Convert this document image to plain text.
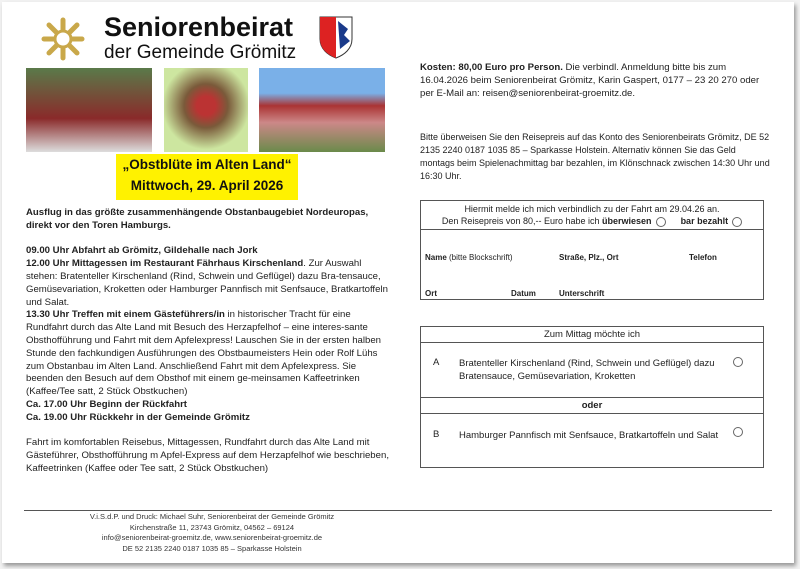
Seniorenbeirat
der Gemeinde Grömitz
„Obstblüte im Alten Land“
Mittwoch, 29. April 2026

Ausflug in das größte zusammenhängende Obstanbaugebiet Nordeuropas, direkt vor den Toren Hamburgs.

09.00 Uhr Abfahrt ab Grömitz, Gildehalle nach Jork

12.00 Uhr Mittagessen im Restaurant Fährhaus Kirschenland. Zur Auswahl stehen: Bratenteller Kirschenland (Rind, Schwein und Geflügel) dazu Bra-tensauce, Gemüsevariation, Kroketten oder Hamburger Pannfisch mit Senfsauce, Bratkartoffeln und Salat.

13.30 Uhr Treffen mit einem Gästeführers/in in historischer Tracht für eine Rundfahrt durch das Alte Land mit Besuch des Herzapfelhof – eine interes-sante Obsthofführung und Fahrt mit dem Apfelexpress! Lauschen Sie in der ersten halben Stunde den fachkundigen Ausführungen des Obstbaumeisters Hein oder Rolf Lühs zum Obstanbau im Alten Land. Anschließend Fahrt mit dem Apfelexpress. Sie beenden den Besuch auf dem Obsthof mit einem ge-meinsamen Kaffeetrinken (Kaffee/Tee satt, 2 Stück Obstkuchen)

Ca. 17.00 Uhr Beginn der Rückfahrt

Ca. 19.00 Uhr Rückkehr in der Gemeinde Grömitz

Fahrt im komfortablen Reisebus, Mittagessen, Rundfahrt durch das Alte Land mit Gästeführer, Obsthofführung m Apfel-Express auf dem Herzapfelhof wie beschrieben, Kaffeetrinken (Kaffee oder Tee satt, 2 Stück Obstkuchen)

Kosten: 80,00 Euro pro Person. Die verbindl. Anmeldung bitte bis zum 16.04.2026 beim Seniorenbeirat Grömitz, Karin Gaspert, 0177 – 23 20 270 oder per E-Mail an: reisen@seniorenbeirat-groemitz.de.
Bitte überweisen Sie den Reisepreis auf das Konto des Seniorenbeirats Grömitz, DE 52 2135 2240 0187 1035 85 – Sparkasse Holstein. Alternativ können Sie das Geld montags beim Spielenachmittag bar bezahlen, im Klönschnack zwischen 14:30 Uhr und 16:30 Uhr.
Hiermit melde ich mich verbindlich zu der Fahrt am 29.04.26 an.
Den Reisepreis von 80,-- Euro habe ich überwiesen	bar bezahlt
Name (bitte Blockschrift)	Straße, Plz., Ort	Telefon
Ort	Datum	Unterschrift
Zum Mittag möchte ich
A Bratenteller Kirschenland (Rind, Schwein und Geflügel) dazu Bratensauce, Gemüsevariation, Kroketten
oder
B Hamburger Pannfisch mit Senfsauce, Bratkartoffeln und Salat
V.i.S.d.P. und Druck: Michael Suhr, Seniorenbeirat der Gemeinde Grömitz
Kirchenstraße 11, 23743 Grömitz, 04562 – 69124
info@seniorenbeirat-groemitz.de, www.seniorenbeirat-groemitz.de
DE 52 2135 2240 0187 1035 85 – Sparkasse Holstein
